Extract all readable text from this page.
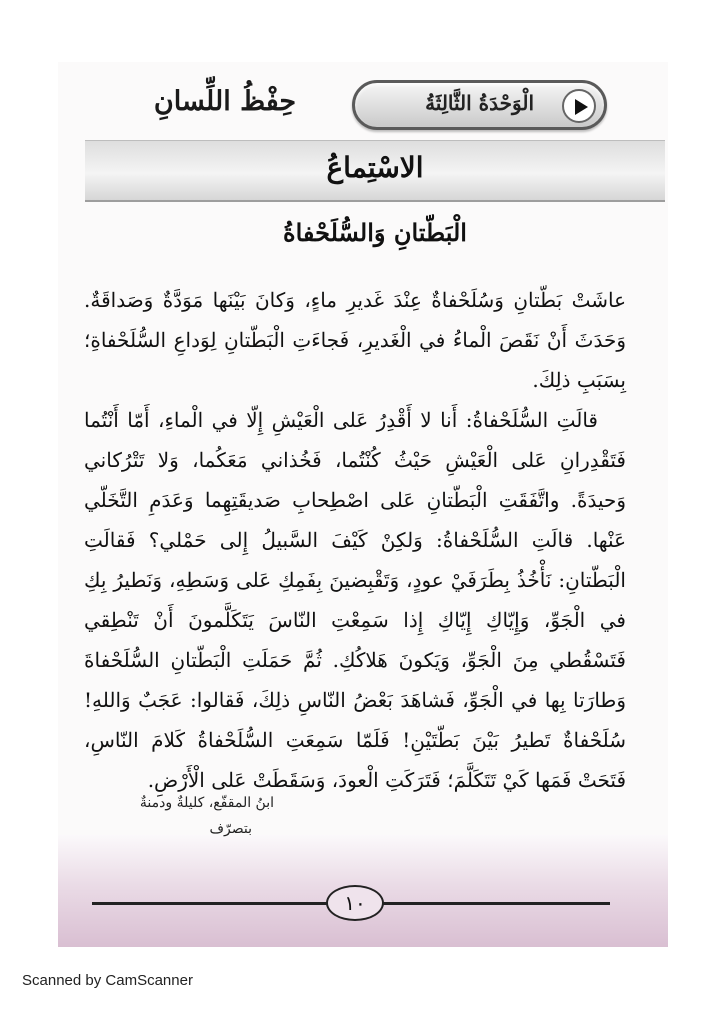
الْوَحْدَةُ الثَّالِثَةُ
حِفْظُ اللِّسانِ
الاسْتِماعُ
الْبَطّتانِ وَالسُّلَحْفاةُ

عاشَتْ بَطّتانِ وَسُلَحْفاةٌ عِنْدَ غَديرِ ماءٍ، وَكانَ بَيْنَها مَوَدَّةٌ وَصَداقَةٌ. وَحَدَثَ أَنْ نَقَصَ الْماءُ في الْغَديرِ، فَجاءَتِ الْبَطّتانِ لِوَداعِ السُّلَحْفاةِ؛ بِسَبَبِ ذلِكَ.

قالَتِ السُّلَحْفاةُ: أَنا لا أَقْدِرُ عَلى الْعَيْشِ إِلّا في الْماءِ، أَمّا أَنْتُما فَتَقْدِرانِ عَلى الْعَيْشِ حَيْثُ كُنْتُما، فَخُذاني مَعَكُما، وَلا تَتْرُكاني وَحيدَةً. واتَّفَقَتِ الْبَطّتانِ عَلى اصْطِحابِ صَديقَتِهِما وَعَدَمِ التَّخَلّي عَنْها. قالَتِ السُّلَحْفاةُ: وَلكِنْ كَيْفَ السَّبيلُ إِلى حَمْلي؟ فَقالَتِ الْبَطّتانِ: نَأْخُذُ بِطَرَفَيْ عودٍ، وَتَقْبِضينَ بِفَمِكِ عَلى وَسَطِهِ، وَنَطيرُ بِكِ في الْجَوِّ، وَإِيّاكِ إِيّاكِ إِذا سَمِعْتِ النّاسَ يَتَكَلَّمونَ أَنْ تَنْطِقي فَتَسْقُطي مِنَ الْجَوِّ، وَيَكونَ هَلاكُكِ. ثُمَّ حَمَلَتِ الْبَطّتانِ السُّلَحْفاةَ وَطارَتا بِها في الْجَوِّ، فَشاهَدَ بَعْضُ النّاسِ ذلِكَ، فَقالوا: عَجَبٌ وَاللهِ! سُلَحْفاةٌ تَطيرُ بَيْنَ بَطّتَيْنِ! فَلَمّا سَمِعَتِ السُّلَحْفاةُ كَلامَ النّاسِ، فَتَحَتْ فَمَها كَيْ تَتَكَلَّمَ؛ فَتَرَكَتِ الْعودَ، وَسَقَطَتْ عَلى الْأَرْضِ.

ابنُ المقفّع، كليلةٌ ودمنةٌ
بتصرّف
١٠
Scanned by CamScanner
